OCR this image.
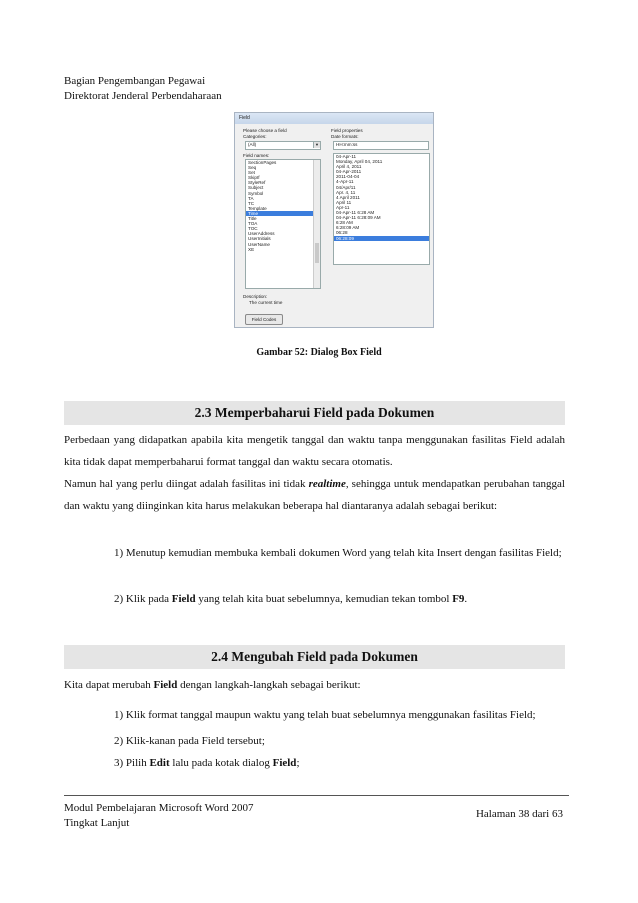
Bagian Pengembangan Pegawai
Direktorat Jenderal Perbendaharaan
Field
Please choose a field
Categories:
(All)	▼
Field names:
SectionPages
Seq
Set
SkipIf
StyleRef
Subject
Symbol
TA
TC
Template
Time
Title
TOA
TOC
UserAddress
UserInitials
UserName
XE
Field properties
Date formats:
HH:mm:ss
04-Apr-11
Monday, April 04, 2011
April 4, 2011
04-Apr-2011
2011-04-04
4-Apr-11
04/Apr/11
Apr. 4, 11
4 April 2011
April 11
Apr-11
04-Apr-11 6:28 AM
04-Apr-11 6:28:09 AM
6:28 AM
6:28:09 AM
06:28
06:28:09
Description:
The current time
Field Codes
Gambar 52: Dialog Box Field
2.3 Memperbaharui Field pada Dokumen
Perbedaan yang didapatkan apabila kita mengetik tanggal dan waktu tanpa menggunakan fasilitas Field adalah kita tidak dapat memperbaharui format tanggal dan waktu secara otomatis.
Namun hal yang perlu diingat adalah fasilitas ini tidak realtime, sehingga untuk mendapatkan perubahan tanggal dan waktu yang diinginkan kita harus melakukan beberapa hal diantaranya adalah sebagai berikut:
1) Menutup kemudian membuka kembali dokumen Word yang telah kita Insert dengan fasilitas Field;
2) Klik pada Field yang telah kita buat sebelumnya, kemudian tekan tombol F9.
2.4 Mengubah Field pada Dokumen
Kita dapat merubah Field dengan langkah-langkah sebagai berikut:
1) Klik format tanggal maupun waktu yang telah buat sebelumnya menggunakan fasilitas Field;
2) Klik-kanan pada Field tersebut;
3) Pilih Edit lalu pada kotak dialog Field;
Modul Pembelajaran Microsoft Word 2007
Tingkat Lanjut
Halaman 38 dari 63
